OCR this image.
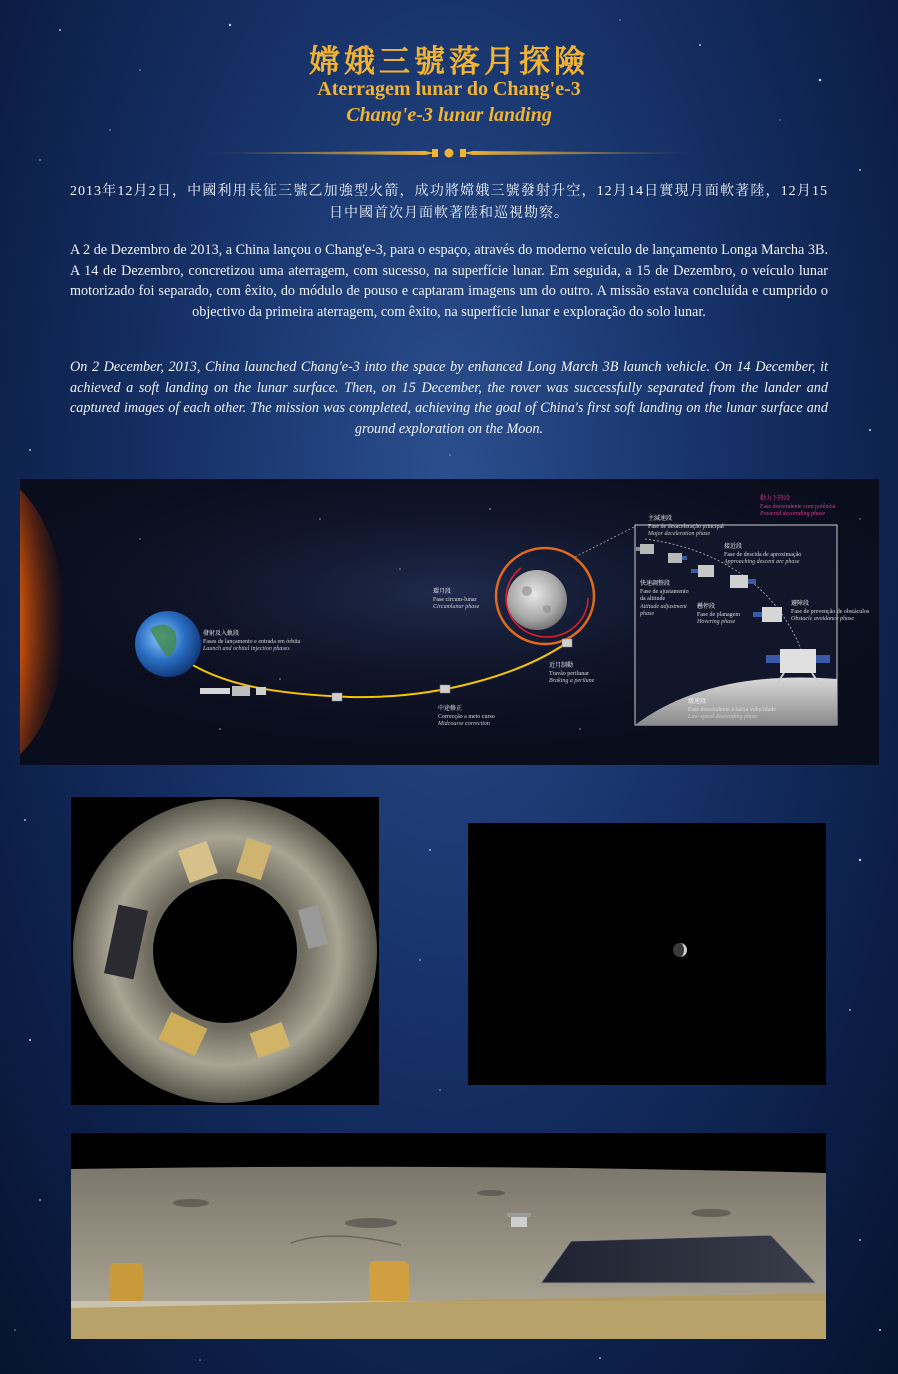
嫦娥三號落月探險
Aterragem lunar do Chang'e-3
Chang'e-3 lunar landing
2013年12月2日，中國利用長征三號乙加強型火箭，成功將嫦娥三號發射升空，12月14日實現月面軟著陸，12月15日中國首次月面軟著陸和巡視勘察。
A 2 de Dezembro de 2013, a China lançou o Chang'e-3, para o espaço, através do moderno veículo de lançamento Longa Marcha 3B. A 14 de Dezembro, concretizou uma aterragem, com sucesso, na superfície lunar. Em seguida, a 15 de Dezembro, o veículo lunar motorizado foi separado, com êxito, do módulo de pouso e captaram imagens um do outro. A missão estava concluída e cumprido o objectivo da primeira aterragem, com êxito, na superfície lunar e exploração do solo lunar.
On 2 December, 2013, China launched Chang'e-3 into the space by enhanced Long March 3B launch vehicle. On 14 December, it achieved a soft landing on the lunar surface. Then, on 15 December, the rover was successfully separated from the lander and captured images of each other. The mission was completed, achieving the goal of China's first soft landing on the lunar surface and ground exploration on the Moon.
發射及入軌段
Fases de lançamento e entrada em órbita
Launch and orbital injection phases
中途修正
Correcção a meio curso
Midcourse correction
近月制動
Travão perilunar
Braking a perilune
環月段
Fase circum-lunar
Circumlunar phase
主減速段
Fase de desaceleração principal
Major deceleration phase
動力下降段
Fase descendente com potência
Powered descending phase
接近段
Fase de descida de aproximação
Approaching descent arc phase
快速調整段
Fase de ajustamento da altitude
Attitude adjustment phase
懸停段
Fase de planagem
Hovering phase
避障段
Fase de prevenção de obstáculos
Obstacle avoidance phase
緩速段
Fase descendente a baixa velocidade
Low-speed descending phase
